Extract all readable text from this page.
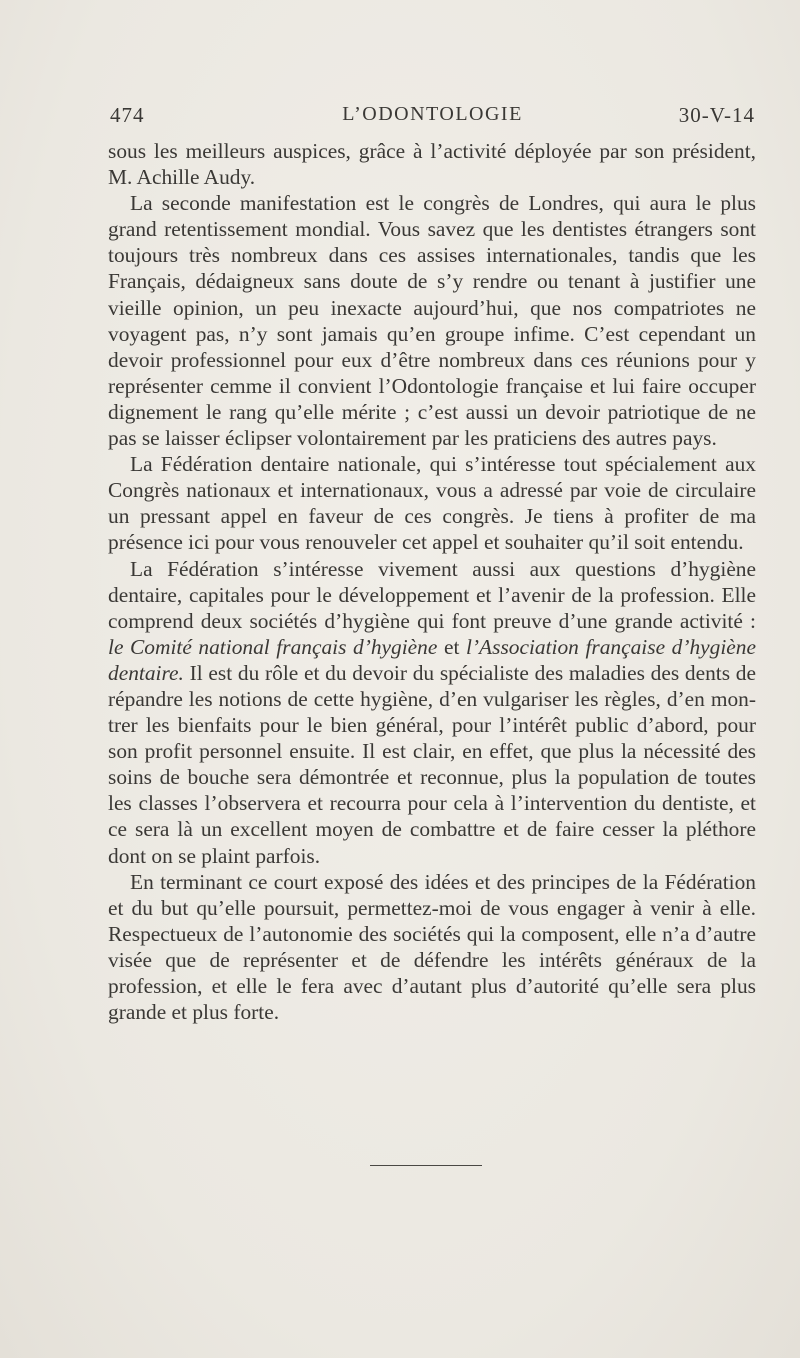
474	L’ODONTOLOGIE	30-V-14

sous les meilleurs auspices, grâce à l’activité déployée par son président, M. Achille Audy.

La seconde manifestation est le congrès de Londres, qui aura le plus grand retentissement mondial. Vous savez que les dentistes étrangers sont toujours très nombreux dans ces assises internationales, tandis que les Français, dédaigneux sans doute de s’y rendre ou tenant à justifier une vieille opinion, un peu inexacte aujourd’hui, que nos compatriotes ne voyagent pas, n’y sont jamais qu’en groupe infime. C’est cependant un devoir professionnel pour eux d’être nombreux dans ces réunions pour y représenter cemme il convient l’Odontologie française et lui faire occuper dignement le rang qu’elle mérite ; c’est aussi un devoir patriotique de ne pas se laisser éclipser volontairement par les praticiens des autres pays.

La Fédération dentaire nationale, qui s’intéresse tout spécialement aux Congrès nationaux et internationaux, vous a adressé par voie de circulaire un pressant appel en faveur de ces congrès. Je tiens à profiter de ma présence ici pour vous renouveler cet appel et souhaiter qu’il soit entendu.

La Fédération s’intéresse vivement aussi aux questions d’hygiène dentaire, capitales pour le développement et l’avenir de la profession. Elle comprend deux sociétés d’hygiène qui font preuve d’une grande activité : le Comité national français d’hygiène et l’Association française d’hygiène dentaire. Il est du rôle et du devoir du spécialiste des maladies des dents de répandre les notions de cette hygiène, d’en vulgariser les règles, d’en montrer les bienfaits pour le bien général, pour l’intérêt public d’abord, pour son profit personnel ensuite. Il est clair, en effet, que plus la nécessité des soins de bouche sera démontrée et reconnue, plus la population de toutes les classes l’observera et recourra pour cela à l’intervention du dentiste, et ce sera là un excellent moyen de combattre et de faire cesser la pléthore dont on se plaint parfois.

En terminant ce court exposé des idées et des principes de la Fédération et du but qu’elle poursuit, permettez-moi de vous engager à venir à elle. Respectueux de l’autonomie des sociétés qui la composent, elle n’a d’autre visée que de représenter et de défendre les intérêts généraux de la profession, et elle le fera avec d’autant plus d’autorité qu’elle sera plus grande et plus forte.
